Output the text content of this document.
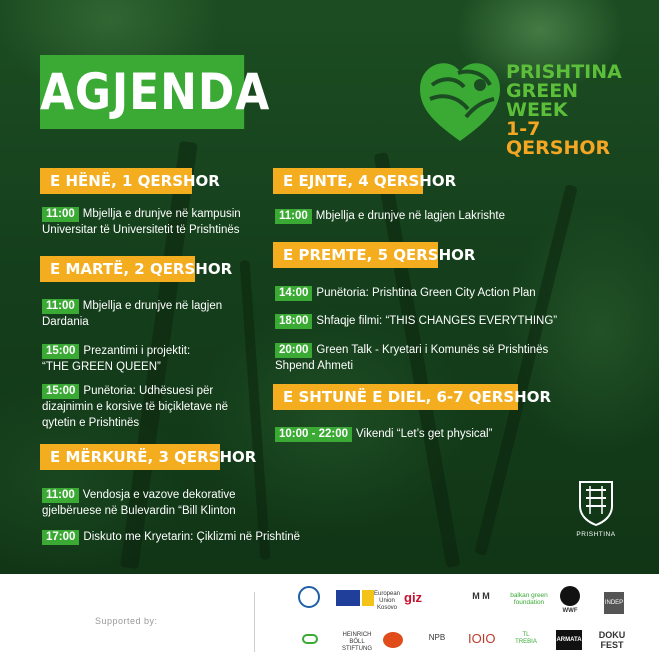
AGJENDA	PRISHTINA
GREEN WEEK
1-7 QERSHOR
E HËNË, 1 QERSHOR
11:00 Mbjellja e drunjve në kampusin
Universitar të Universitetit të Prishtinës
E MARTË, 2 QERSHOR
11:00 Mbjellja e drunjve në lagjen
Dardania
15:00 Prezantimi i projektit:
“THE GREEN QUEEN”
15:00 Punëtoria: Udhësuesi për
dizajnimin e korsive të biçikletave në
qytetin e Prishtinës
E MËRKURË, 3 QERSHOR
11:00 Vendosja e vazove dekorative
gjelbëruese në Bulevardin “Bill Klinton
17:00 Diskuto me Kryetarin: Çiklizmi në Prishtinë
E EJNTE, 4 QERSHOR
11:00 Mbjellja e drunjve në lagjen Lakrishte
E PREMTE, 5 QERSHOR
14:00 Punëtoria: Prishtina Green City Action Plan
18:00 Shfaqje filmi: “THIS CHANGES EVERYTHING”
20:00 Green Talk - Kryetari i Komunës së Prishtinës
Shpend Ahmeti
E SHTUNË E DIEL, 6-7 QERSHOR
10:00 - 22:00 Vikendi “Let’s get physical”
PRISHTINA
Supported by:
European Union Kosovo
giz	M M	balkan green foundation
WWF
INDEP
HEINRICH BÖLL STIFTUNG
NPB	IOIO	TL TREBIA	ARMATA DOKU FEST
